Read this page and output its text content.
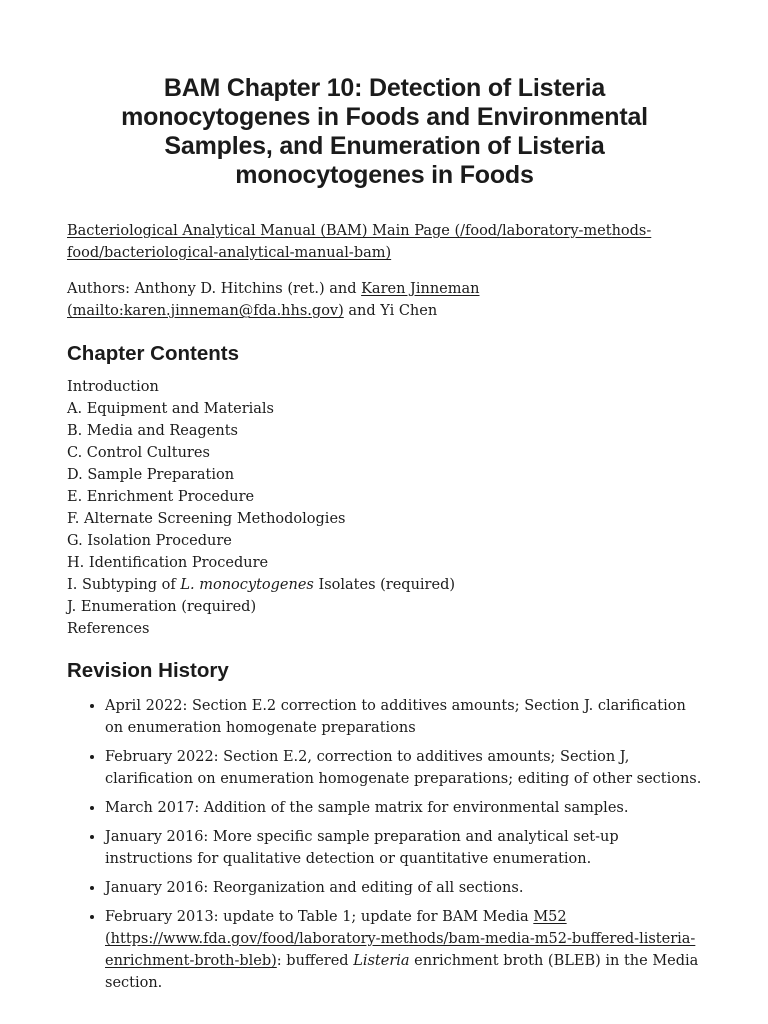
BAM Chapter 10: Detection of Listeria monocytogenes in Foods and Environmental Samples, and Enumeration of Listeria monocytogenes in Foods

Bacteriological Analytical Manual (BAM) Main Page (/food/laboratory-methods-food/bacteriological-analytical-manual-bam)

Authors: Anthony D. Hitchins (ret.) and Karen Jinneman (mailto:karen.jinneman@fda.hhs.gov) and Yi Chen

Chapter Contents
Introduction
A. Equipment and Materials
B. Media and Reagents
C. Control Cultures
D. Sample Preparation
E. Enrichment Procedure
F. Alternate Screening Methodologies
G. Isolation Procedure
H. Identification Procedure
I. Subtyping of L. monocytogenes Isolates (required)
J. Enumeration (required)
References
Revision History
• April 2022: Section E.2 correction to additives amounts; Section J. clarification on enumeration homogenate preparations
• February 2022: Section E.2, correction to additives amounts; Section J, clarification on enumeration homogenate preparations; editing of other sections.
• March 2017: Addition of the sample matrix for environmental samples.
• January 2016: More specific sample preparation and analytical set-up instructions for qualitative detection or quantitative enumeration.
• January 2016: Reorganization and editing of all sections.
• February 2013: update to Table 1; update for BAM Media M52 (https://www.fda.gov/food/laboratory-methods/bam-media-m52-buffered-listeria-enrichment-broth-bleb): buffered Listeria enrichment broth (BLEB) in the Media section.
